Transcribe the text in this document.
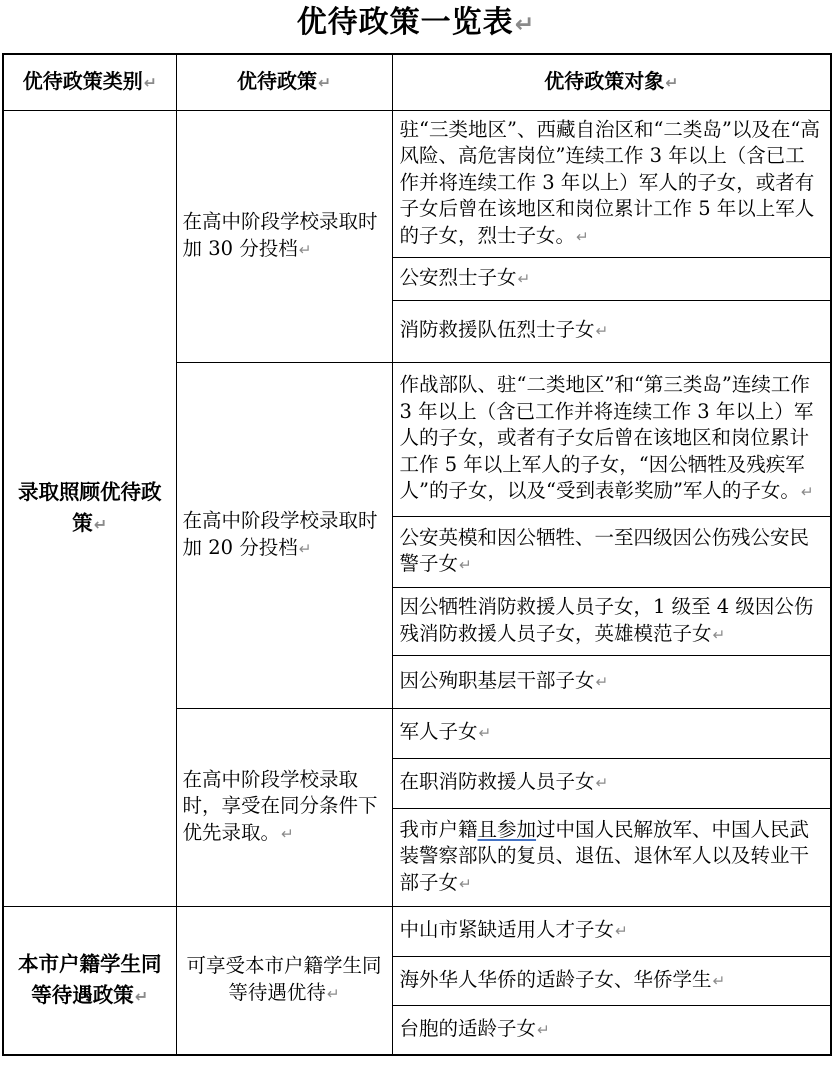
优待政策一览表↵
优待政策类别↵	优待政策↵	优待政策对象↵
录取照顾优待政策↵	在高中阶段学校录取时加 30 分投档↵	驻“三类地区”、西藏自治区和“二类岛”以及在“高风险、高危害岗位”连续工作 3 年以上（含已工作并将连续工作 3 年以上）军人的子女，或者有子女后曾在该地区和岗位累计工作 5 年以上军人的子女，烈士子女。↵
		公安烈士子女↵
		消防救援队伍烈士子女↵
	在高中阶段学校录取时加 20 分投档↵	作战部队、驻“二类地区”和“第三类岛”连续工作 3 年以上（含已工作并将连续工作 3 年以上）军人的子女，或者有子女后曾在该地区和岗位累计工作 5 年以上军人的子女，“因公牺牲及残疾军人”的子女，以及“受到表彰奖励”军人的子女。↵
		公安英模和因公牺牲、一至四级因公伤残公安民警子女↵
		因公牺牲消防救援人员子女，1 级至 4 级因公伤残消防救援人员子女，英雄模范子女↵
		因公殉职基层干部子女↵
	在高中阶段学校录取时，享受在同分条件下优先录取。↵	军人子女↵
		在职消防救援人员子女↵
		我市户籍且参加过中国人民解放军、中国人民武装警察部队的复员、退伍、退休军人以及转业干部子女↵
本市户籍学生同等待遇政策↵	可享受本市户籍学生同等待遇优待↵	中山市紧缺适用人才子女↵
		海外华人华侨的适龄子女、华侨学生↵
		台胞的适龄子女↵
